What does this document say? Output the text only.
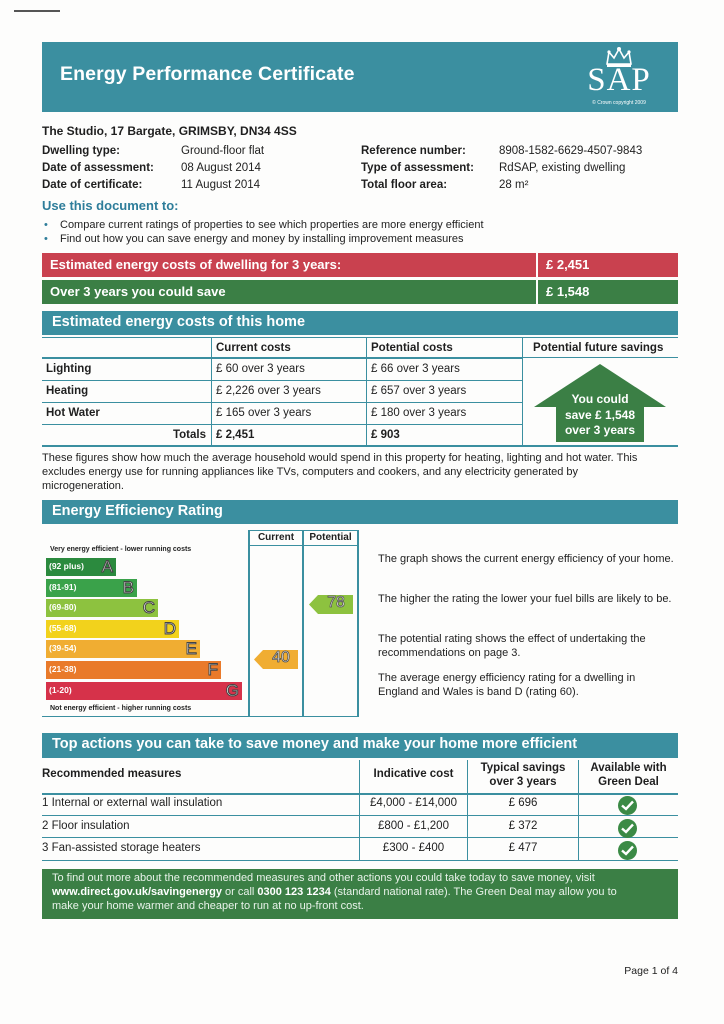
Energy Performance Certificate	SAP
© Crown copyright 2009
The Studio, 17 Bargate, GRIMSBY, DN34 4SS
Dwelling type:	Ground-floor flat
Date of assessment: 08 August 2014
Date of certificate:	11 August 2014
Reference number:	8908-1582-6629-4507-9843
Type of assessment: RdSAP, existing dwelling
Total floor area:	28 m²
Use this document to:
•	Compare current ratings of properties to see which properties are more energy efficient
•	Find out how you can save energy and money by installing improvement measures
Estimated energy costs of dwelling for 3 years:	£ 2,451
Over 3 years you could save	£ 1,548
Estimated energy costs of this home
Current costs	Potential costs	Potential future savings
Lighting	£ 60 over 3 years	£ 66 over 3 years
Heating	£ 2,226 over 3 years	£ 657 over 3 years
Hot Water	£ 165 over 3 years	£ 180 over 3 years
Totals £ 2,451	£ 903
You could
save £ 1,548
over 3 years
These figures show how much the average household would spend in this property for heating, lighting and hot water. This excludes energy use for running appliances like TVs, computers and cookers, and any electricity generated by microgeneration.
Energy Efficiency Rating
Current	Potential
Very energy efficient - lower running costs
Not energy efficient - higher running costs
(92 plus) A
(81-91)	B
(69-80)	C
(55-68)	D
(39-54)	E
(21-38)	F
(1-20)	G
40
78
The graph shows the current energy efficiency of your home.
The higher the rating the lower your fuel bills are likely to be.
The potential rating shows the effect of undertaking the recommendations on page 3.
The average energy efficiency rating for a dwelling in England and Wales is band D (rating 60).
Top actions you can take to save money and make your home more efficient
Recommended measures	Indicative cost	Typical savings
over 3 years
Available with
Green Deal
1 Internal or external wall insulation	£4,000 - £14,000	£ 696
2 Floor insulation	£800 - £1,200	£ 372
3 Fan-assisted storage heaters	£300 - £400	£ 477
To find out more about the recommended measures and other actions you could take today to save money, visit
www.direct.gov.uk/savingenergy or call 0300 123 1234 (standard national rate). The Green Deal may allow you to
make your home warmer and cheaper to run at no up-front cost.
Page 1 of 4
